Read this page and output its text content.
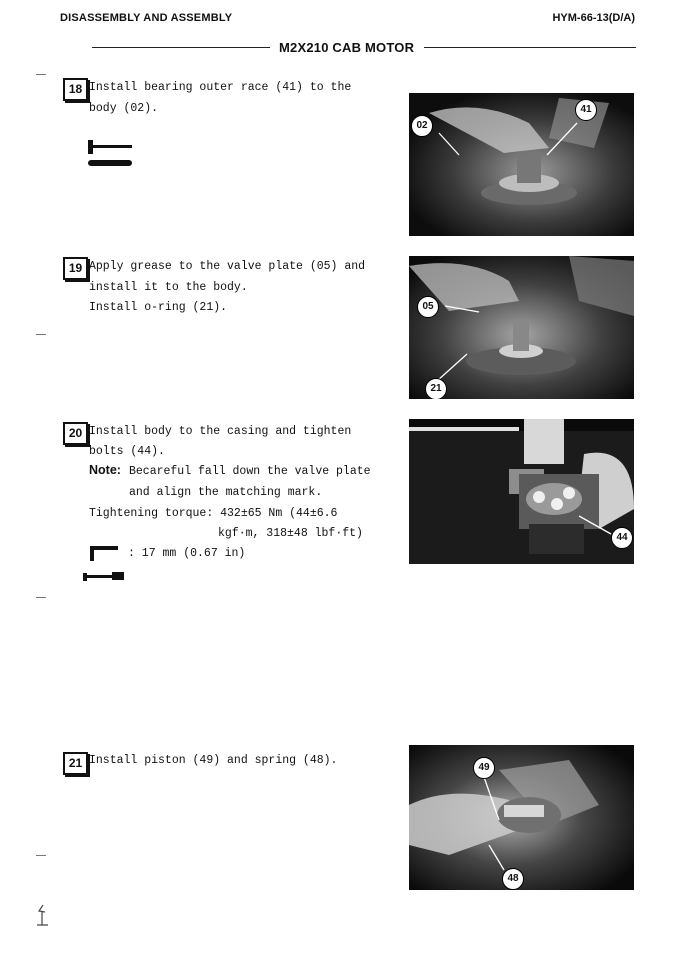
DISASSEMBLY AND ASSEMBLY	HYM-66-13(D/A)
M2X210 CAB MOTOR
18 Install bearing outer race (41) to the
body (02).
02
41
19 Apply grease to the valve plate (05) and
install it to the body.
Install o-ring (21).	05
21
20 Install body to the casing and tighten
bolts (44).
Note: Becareful fall down the valve plate
and align the matching mark.
Tightening torque: 432±65 Nm (44±6.6
kgf·m, 318±48 lbf·ft)
: 17 mm (0.67 in)
44
21 Install piston (49) and spring (48).
49
48
